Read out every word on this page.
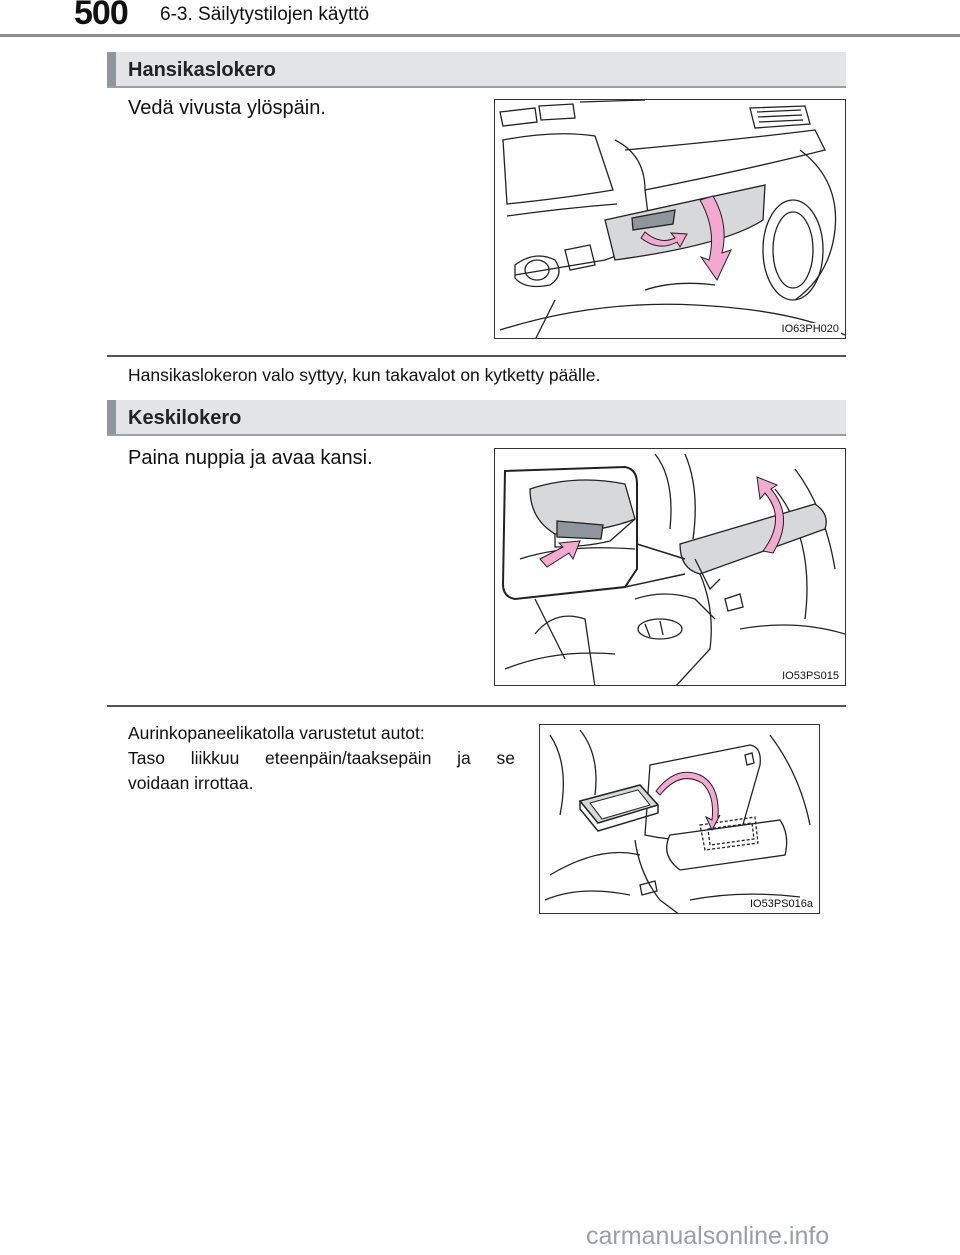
500 6-3. Säilytystilojen käyttö
Hansikaslokero
Vedä vivusta ylöspäin.
IO63PH020
Hansikaslokeron valo syttyy, kun takavalot on kytketty päälle.
Keskilokero
Paina nuppia ja avaa kansi.
IO53PS015
Aurinkopaneelikatolla varustetut autot:
Taso liikkuu eteenpäin/taaksepäin ja se
voidaan irrottaa.
IO53PS016a
carmanualsonline.info
